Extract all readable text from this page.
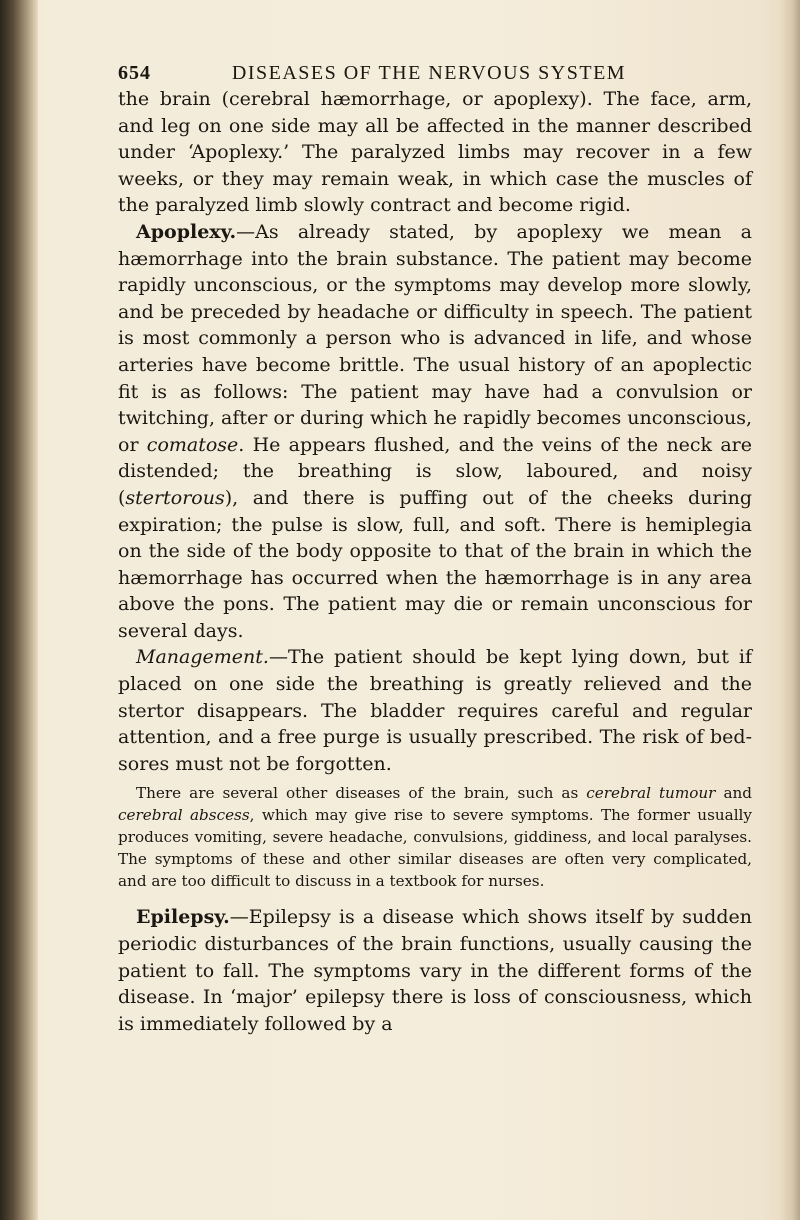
DISEASES OF THE NERVOUS SYSTEM
654

the brain (cerebral hæmorrhage, or apoplexy). The face, arm, and leg on one side may all be affected in the manner described under ‘Apoplexy.’ The paralyzed limbs may recover in a few weeks, or they may remain weak, in which case the muscles of the paralyzed limb slowly contract and become rigid.

Apoplexy.—As already stated, by apoplexy we mean a hæmorrhage into the brain substance. The patient may become rapidly unconscious, or the symptoms may develop more slowly, and be preceded by headache or difficulty in speech. The patient is most commonly a person who is advanced in life, and whose arteries have become brittle. The usual history of an apoplectic fit is as follows: The patient may have had a convulsion or twitching, after or during which he rapidly becomes unconscious, or comatose. He appears flushed, and the veins of the neck are distended; the breathing is slow, laboured, and noisy (stertorous), and there is puffing out of the cheeks during expiration; the pulse is slow, full, and soft. There is hemiplegia on the side of the body opposite to that of the brain in which the hæmorrhage has occurred when the hæmorrhage is in any area above the pons. The patient may die or remain unconscious for several days.

Management.—The patient should be kept lying down, but if placed on one side the breathing is greatly relieved and the stertor disappears. The bladder requires careful and regular attention, and a free purge is usually prescribed. The risk of bed-sores must not be forgotten.

There are several other diseases of the brain, such as cerebral tumour and cerebral abscess, which may give rise to severe symptoms. The former usually produces vomiting, severe headache, convulsions, giddiness, and local paralyses. The symptoms of these and other similar diseases are often very complicated, and are too difficult to discuss in a textbook for nurses.

Epilepsy.—Epilepsy is a disease which shows itself by sudden periodic disturbances of the brain functions, usually causing the patient to fall. The symptoms vary in the different forms of the disease. In ‘major’ epilepsy there is loss of consciousness, which is immediately followed by a
